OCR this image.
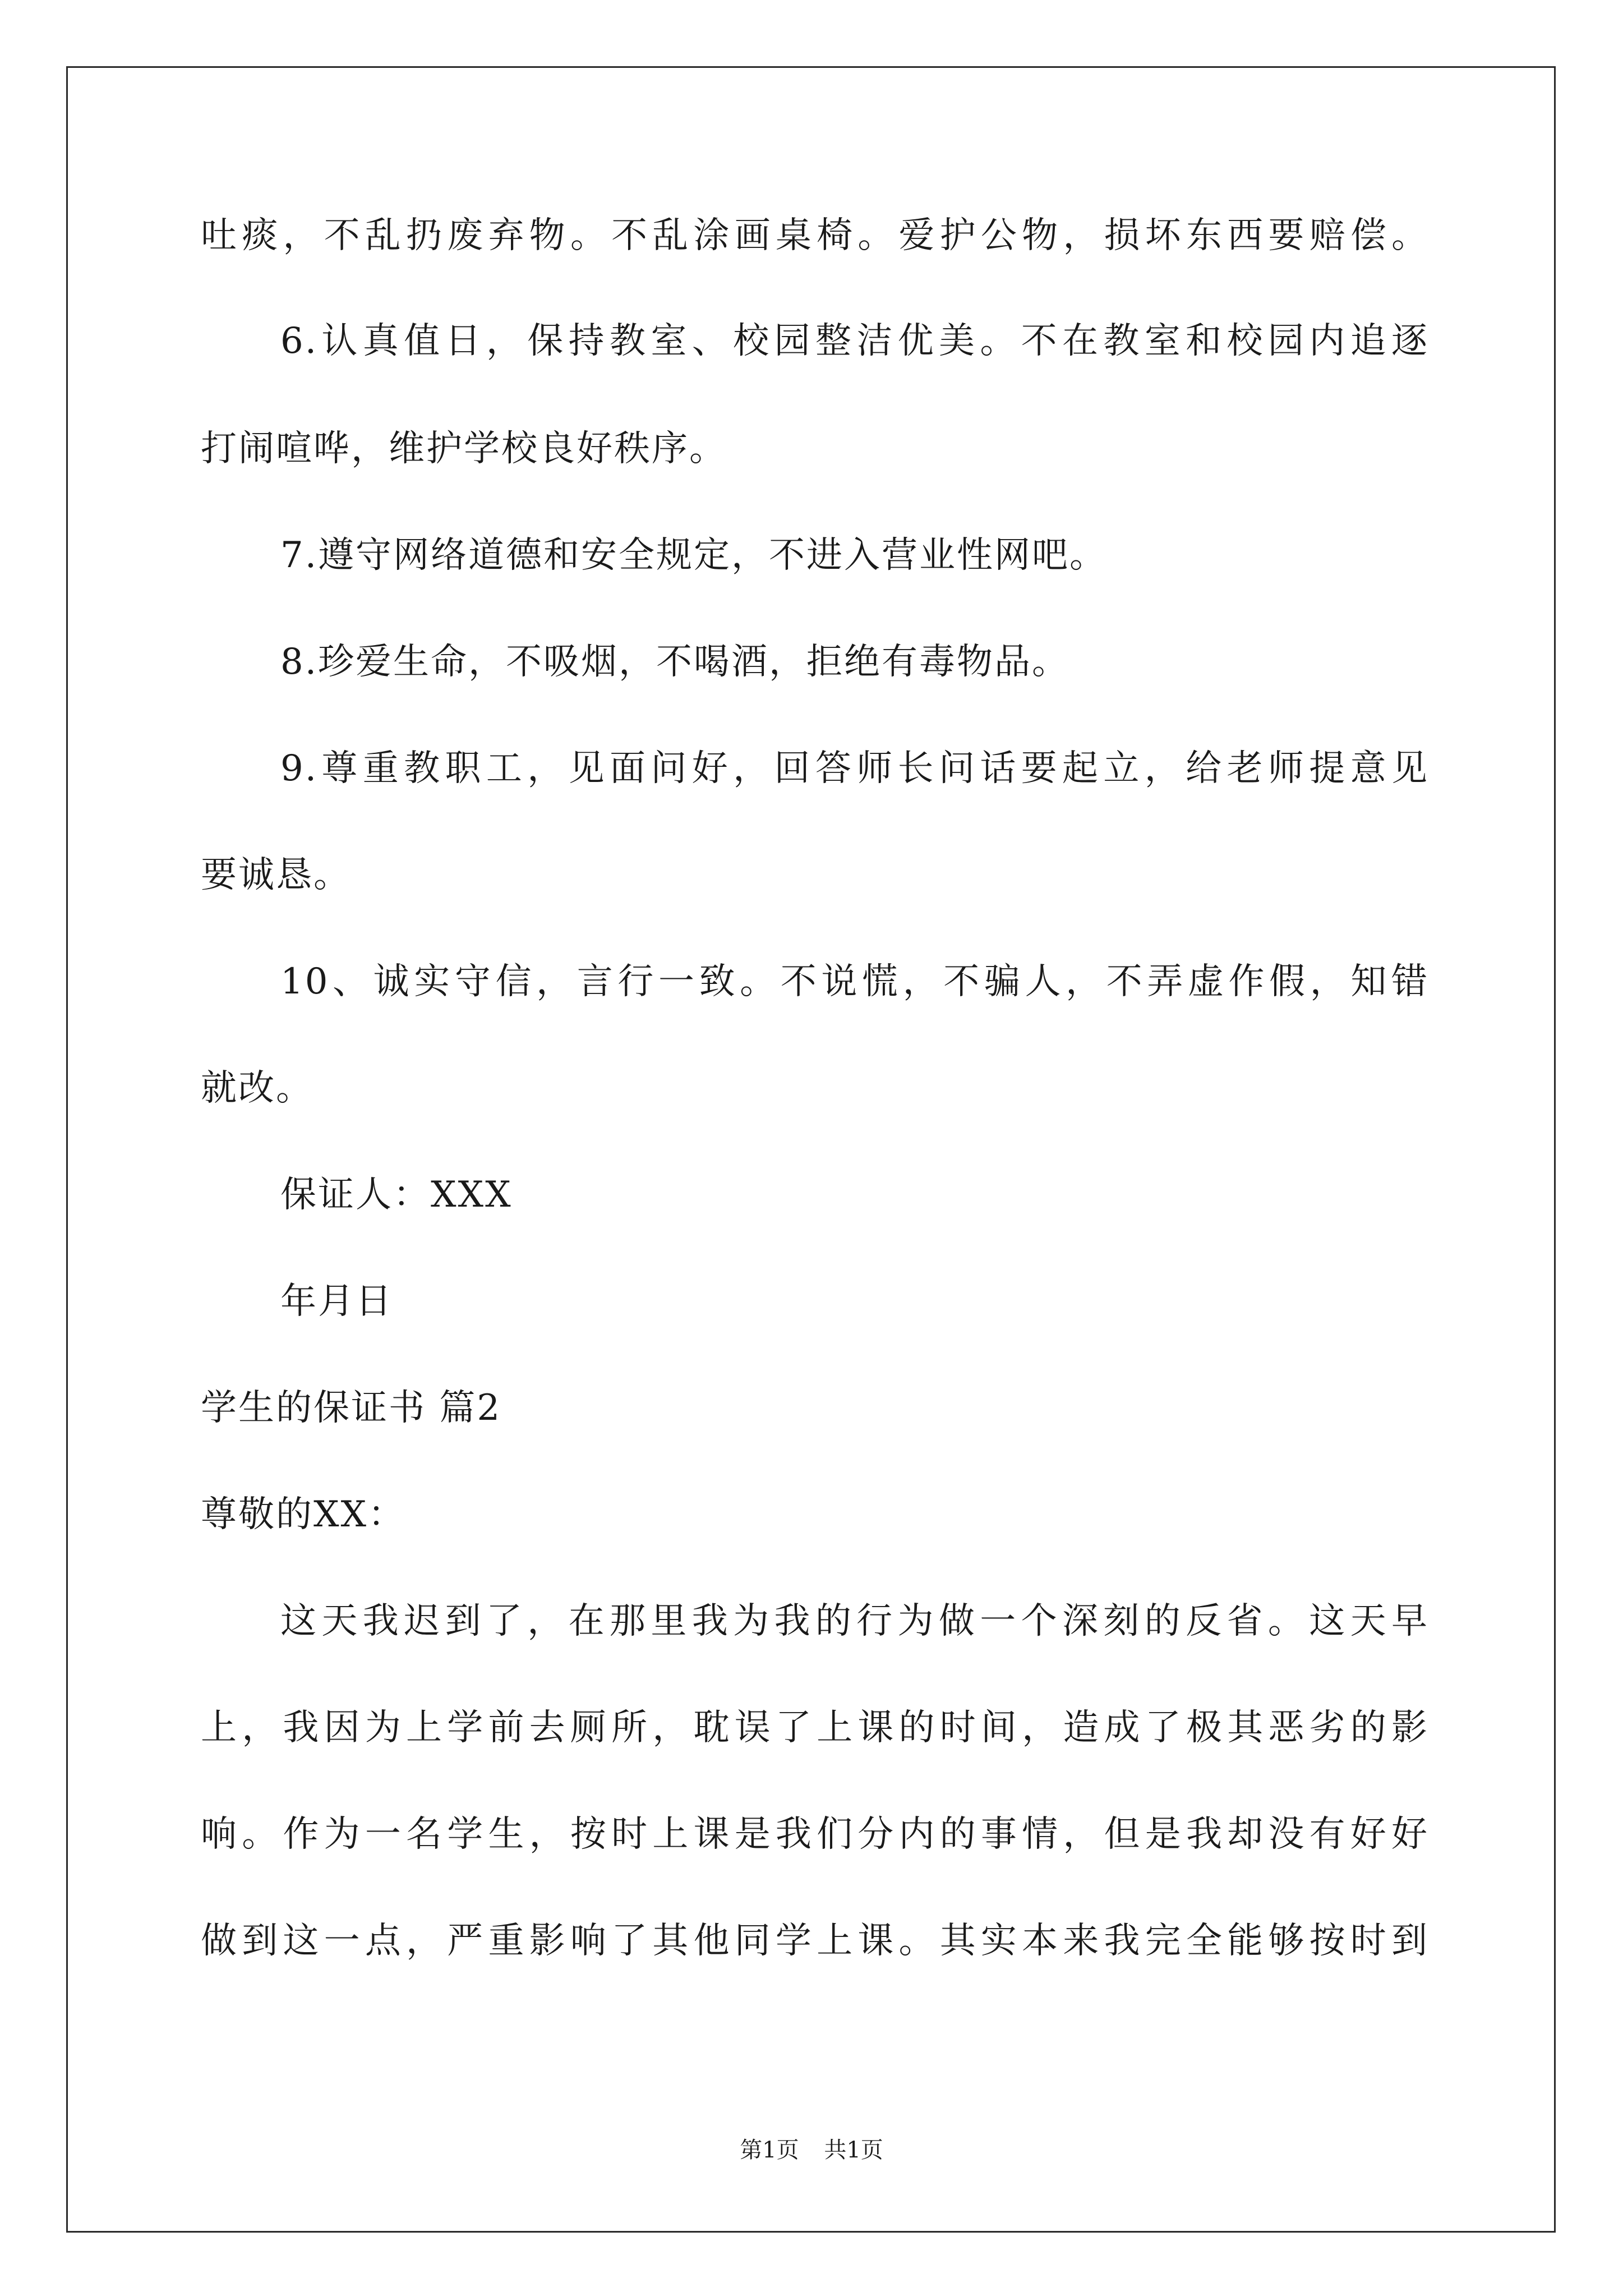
吐痰，不乱扔废弃物。不乱涂画桌椅。爱护公物，损坏东西要赔偿。
6.认真值日，保持教室、校园整洁优美。不在教室和校园内追逐
打闹喧哗，维护学校良好秩序。
7.遵守网络道德和安全规定，不进入营业性网吧。
8.珍爱生命，不吸烟，不喝酒，拒绝有毒物品。
9.尊重教职工，见面问好，回答师长问话要起立，给老师提意见
要诚恳。
10、诚实守信，言行一致。不说慌，不骗人，不弄虚作假，知错
就改。
保证人：XXX
年月日
学生的保证书 篇2
尊敬的XX：
这天我迟到了，在那里我为我的行为做一个深刻的反省。这天早
上，我因为上学前去厕所，耽误了上课的时间，造成了极其恶劣的影
响。作为一名学生，按时上课是我们分内的事情，但是我却没有好好
做到这一点，严重影响了其他同学上课。其实本来我完全能够按时到
第1页 共1页
